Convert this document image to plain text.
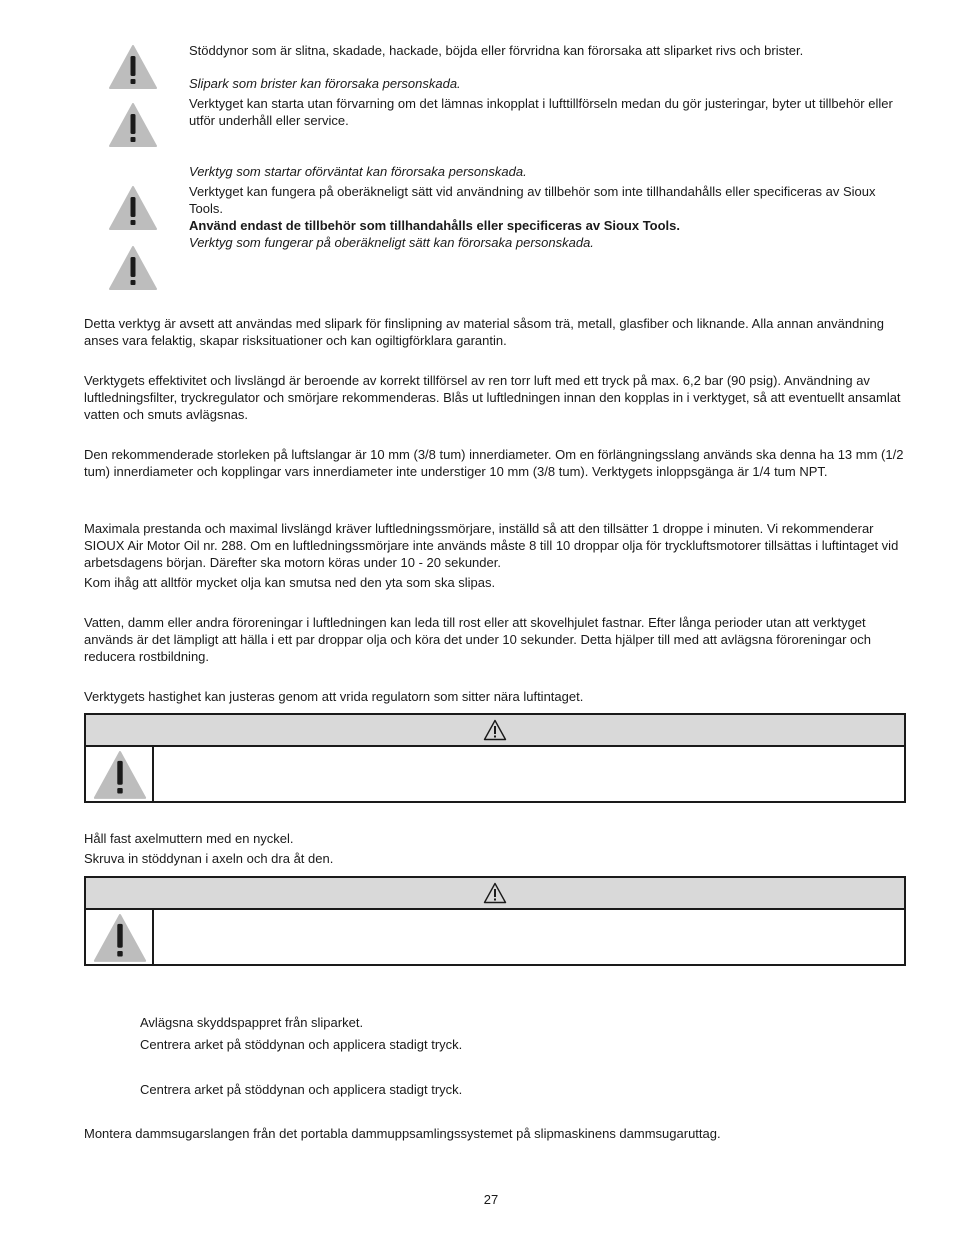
Stöddynor som är slitna, skadade, hackade, böjda eller förvridna kan förorsaka att sliparket rivs och brister.
Slipark som brister kan förorsaka personskada.
Verktyget kan starta utan förvarning om det lämnas inkopplat i lufttillförseln medan du gör justeringar, byter ut tillbehör eller utför underhåll eller service.
Verktyg som startar oförväntat kan förorsaka personskada.
Verktyget kan fungera på oberäkneligt sätt vid användning av tillbehör som inte tillhandahålls eller specificeras av Sioux Tools.
Använd endast de tillbehör som tillhandahålls eller specificeras av Sioux Tools.
Verktyg som fungerar på oberäkneligt sätt kan förorsaka personskada.
Detta verktyg är avsett att användas med slipark för finslipning av material såsom trä, metall, glasfiber och liknande. Alla annan användning anses vara felaktig, skapar risksituationer och kan ogiltigförklara garantin.
Verktygets effektivitet och livslängd är beroende av korrekt tillförsel av ren torr luft med ett tryck på max. 6,2 bar (90 psig). Användning av luftledningsfilter, tryckregulator och smörjare rekommenderas. Blås ut luftledningen innan den kopplas in i verktyget, så att eventuellt ansamlat vatten och smuts avlägsnas.
Den rekommenderade storleken på luftslangar är 10 mm (3/8 tum) innerdiameter. Om en förlängningsslang används ska denna ha 13 mm (1/2 tum) innerdiameter och kopplingar vars innerdiameter inte understiger 10 mm (3/8 tum). Verktygets inloppsgänga är 1/4 tum NPT.
Maximala prestanda och maximal livslängd kräver luftledningssmörjare, inställd så att den tillsätter 1 droppe i minuten. Vi rekommenderar SIOUX Air Motor Oil nr. 288. Om en luftledningssmörjare inte används måste 8 till 10 droppar olja för tryckluftsmotorer tillsättas i luftintaget vid arbetsdagens början. Därefter ska motorn köras under 10 - 20 sekunder.
Kom ihåg att alltför mycket olja kan smutsa ned den yta som ska slipas.
Vatten, damm eller andra föroreningar i luftledningen kan leda till rost eller att skovelhjulet fastnar. Efter långa perioder utan att verktyget används är det lämpligt att hälla i ett par droppar olja och köra det under 10 sekunder. Detta hjälper till med att avlägsna föroreningar och reducera rostbildning.
Verktygets hastighet kan justeras genom att vrida regulatorn som sitter nära luftintaget.
Håll fast axelmuttern med en nyckel.
Skruva in stöddynan i axeln och dra åt den.
Avlägsna skyddspappret från sliparket.
Centrera arket på stöddynan och applicera stadigt tryck.
Centrera arket på stöddynan och applicera stadigt tryck.
Montera dammsugarslangen från det portabla dammuppsamlingssystemet på slipmaskinens dammsugaruttag.
27
